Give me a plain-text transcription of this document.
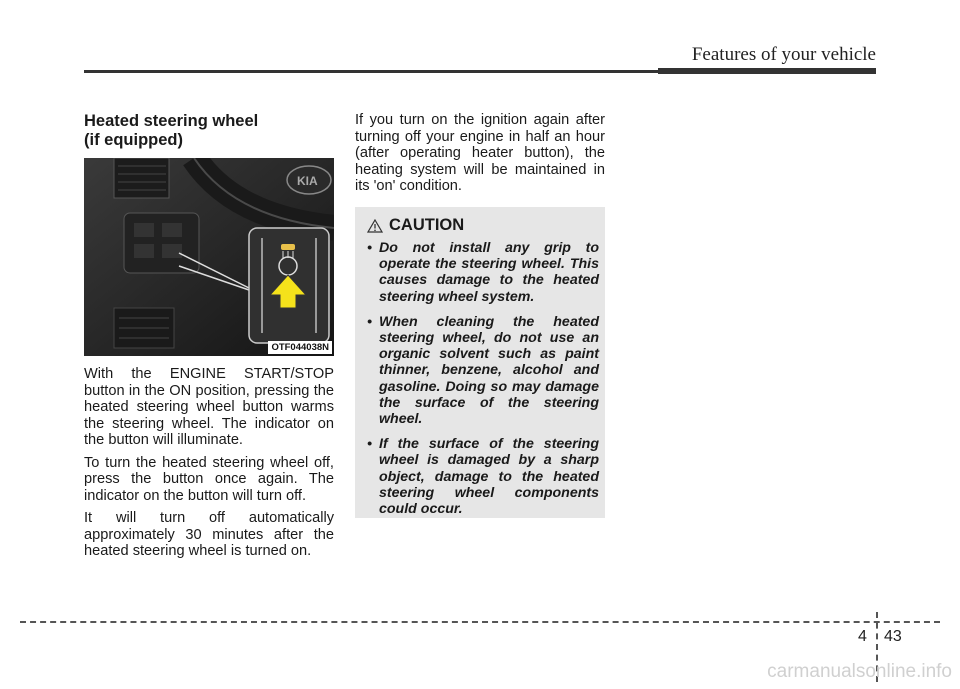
Features of your vehicle
Heated steering wheel
(if equipped)
KIA
OTF044038N

With the ENGINE START/STOP button in the ON position, pressing the heated steering wheel button warms the steering wheel. The indicator on the button will illuminate.

To turn the heated steering wheel off, press the button once again. The indicator on the button will turn off.

It will turn off automatically approximately 30 minutes after the heated steering wheel is turned on.

If you turn on the ignition again after turning off your engine in half an hour (after operating heater button), the heating system will be maintained in its 'on' condition.

CAUTION
• Do not install any grip to operate the steering wheel. This causes damage to the heated steering wheel system.
• When cleaning the heated steering wheel, do not use an organic solvent such as paint thinner, benzene, alcohol and gasoline. Doing so may damage the surface of the steering wheel.
• If the surface of the steering wheel is damaged by a sharp object, damage to the heated steering wheel components could occur.
4 43
carmanualsonline.info
